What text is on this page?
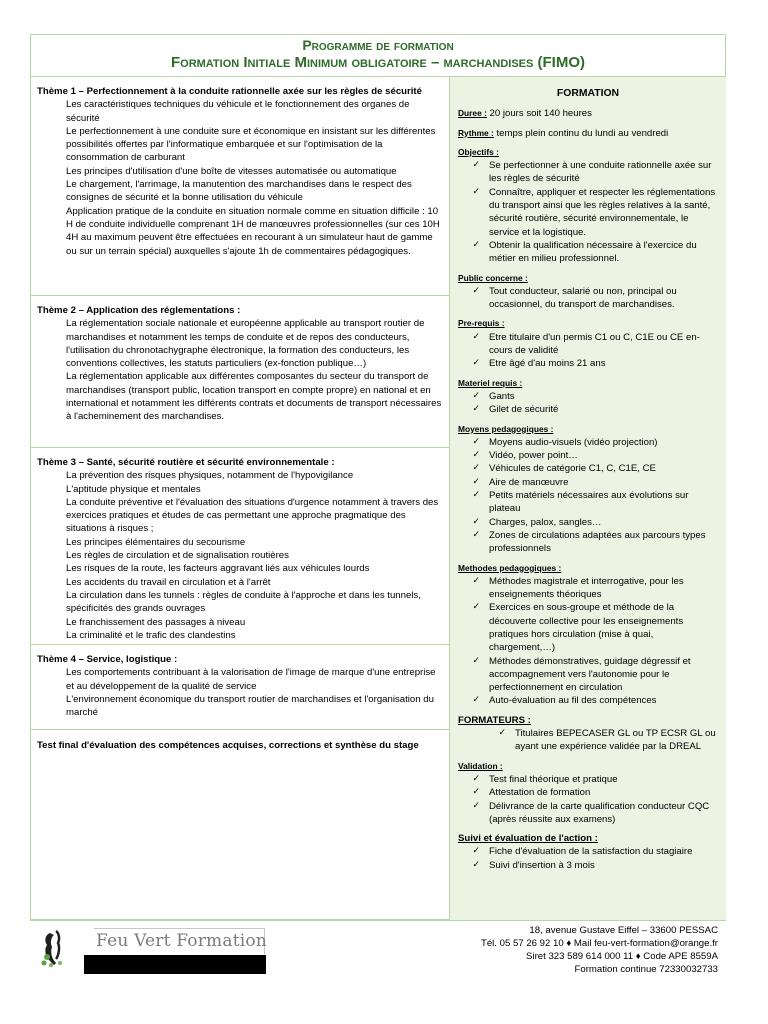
Programme de formation
Formation Initiale Minimum obligatoire – marchandises (FIMO)
Thème 1 – Perfectionnement à la conduite rationnelle axée sur les règles de sécurité
Les caractéristiques techniques du véhicule et le fonctionnement des organes de sécurité
Le perfectionnement à une conduite sure et économique en insistant sur les différentes possibilités offertes par l'informatique embarquée et sur l'optimisation de la consommation de carburant
Les principes d'utilisation d'une boîte de vitesses automatisée ou automatique
Le chargement, l'arrimage, la manutention des marchandises dans le respect des consignes de sécurité et la bonne utilisation du véhicule
Application pratique de la conduite en situation normale comme en situation difficile : 10 H de conduite individuelle comprenant 1H de manœuvres professionnelles (sur ces 10H 4H au maximum peuvent être effectuées en recourant à un simulateur haut de gamme ou sur un terrain spécial) auxquelles s'ajoute 1h de commentaires pédagogiques.
Thème 2 – Application des réglementations :
La réglementation sociale nationale et européenne applicable au transport routier de marchandises et notamment les temps de conduite et de repos des conducteurs, l'utilisation du chronotachygraphe électronique, la formation des conducteurs, les conventions collectives, les statuts particuliers (ex-fonction publique…)
La réglementation applicable aux différentes composantes du secteur du transport de marchandises (transport public, location transport en compte propre) en national et en international et notamment les différents contrats et documents de transport nécessaires à l'acheminement des marchandises.
Thème 3 – Santé, sécurité routière et sécurité environnementale :
La prévention des risques physiques, notamment de l'hypovigilance
L'aptitude physique et mentales
La conduite préventive et l'évaluation des situations d'urgence notamment à travers des exercices pratiques et études de cas permettant une approche pragmatique des situations à risques ;
Les principes élémentaires du secourisme
Les règles de circulation et de signalisation routières
Les risques de la route, les facteurs aggravant liés aux véhicules lourds
Les accidents du travail en circulation et à l'arrêt
La circulation dans les tunnels : règles de conduite à l'approche et dans les tunnels, spécificités des grands ouvrages
Le franchissement des passages à niveau
La criminalité et le trafic des clandestins
Thème 4 – Service, logistique :
Les comportements contribuant à la valorisation de l'image de marque d'une entreprise et au développement de la qualité de service
L'environnement économique du transport routier de marchandises et l'organisation du marché
Test final d'évaluation des compétences acquises, corrections et synthèse du stage
FORMATION
Duree : 20 jours soit 140 heures
Rythme : temps plein continu du lundi au vendredi
Objectifs :
✓ Se perfectionner à une conduite rationnelle axée sur les règles de sécurité
✓ Connaître, appliquer et respecter les réglementations du transport ainsi que les règles relatives à la santé, sécurité routière, sécurité environnementale, le service et la logistique.
✓ Obtenir la qualification nécessaire à l'exercice du métier en milieu professionnel.
Public concerne :
✓ Tout conducteur, salarié ou non, principal ou occasionnel, du transport de marchandises.
Pre-requis :
✓ Etre titulaire d'un permis C1 ou C, C1E ou CE en-cours de validité
✓ Etre âgé d'au moins 21 ans
Materiel requis :
✓ Gants
✓ Gilet de sécurité
Moyens pedagogiques :
✓ Moyens audio-visuels (vidéo projection)
✓ Vidéo, power point…
✓ Véhicules de catégorie C1, C, C1E, CE
✓ Aire de manœuvre
✓ Petits matériels nécessaires aux évolutions sur plateau
✓ Charges, palox, sangles…
✓ Zones de circulations adaptées aux parcours types professionnels
Methodes pedagogiques :
✓ Méthodes magistrale et interrogative, pour les enseignements théoriques
✓ Exercices en sous-groupe et méthode de la découverte collective pour les enseignements pratiques hors circulation (mise à quai, chargement,…)
✓ Méthodes démonstratives, guidage dégressif et accompagnement vers l'autonomie pour le perfectionnement en circulation
✓ Auto-évaluation au fil des compétences
FORMATEURS :
✓ Titulaires BEPECASER GL ou TP ECSR GL ou ayant une expérience validée par la DREAL
Validation :
✓ Test final théorique et pratique
✓ Attestation de formation
✓ Délivrance de la carte qualification conducteur CQC (après réussite aux examens)
Suivi et évaluation de l'action :
✓ Fiche d'évaluation de la satisfaction du stagiaire
✓ Suivi d'insertion à 3 mois
Feu Vert Formation
18, avenue Gustave Eiffel – 33600 PESSAC
Tél. 05 57 26 92 10 ♦ Mail feu-vert-formation@orange.fr
Siret 323 589 614 000 11 ♦ Code APE 8559A
Formation continue 72330032733
